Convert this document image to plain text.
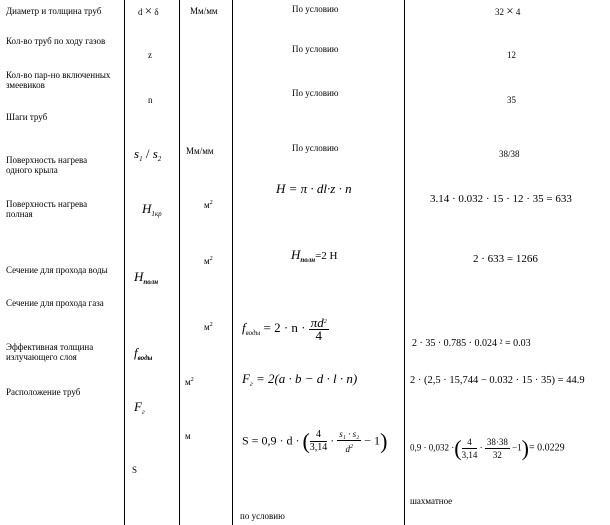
Диаметр и толщина труб
Кол-во труб по ходу газов
Кол-во пар-но включенных змеевиков
Шаги труб
Поверхность нагрева одного крыла
Поверхность нагрева полная
Сечение для прохода воды
Сечение для прохода газа
Эффективная толщина излучающего слоя
Расположение труб
d × δ
z
n
$s_1 / s_2$
$H_{1кр}$
$H_{полн}$
$f_{воды}$
$F_г$
S
Мм/мм
Мм/мм
$м^2$
$м^2$
$м^2$
$м^2$
м
По условию
По условию
По условию
По условию
H = π · dl·z · n
$H_{полн}=2$ H
$f_{воды} = 2 \cdot n \cdot \frac{\pi d^2}{4}$
$F_г = 2(a \cdot b - d \cdot l \cdot n)$
S = 0,9 · d · ( $\frac{4}{3,14} \cdot \frac{\text{s₁ · s₂}}{d^2} - 1$)
по условию
32 × 4
12
35
38/38
3.14 · 0.032 · 15 · 12 · 35 = 633
2 · 633 = 1266
2 · 35 · 0.785 · 0.024 ² = 0.03
2 · (2,5 · 15,744 − 0.032 · 15 · 35) = 44.9
0,9 · 0,032 ·( $\frac{4}{3,14} \cdot \frac{38\cdot 38}{32} -1)= 0.0229$
шахматное
